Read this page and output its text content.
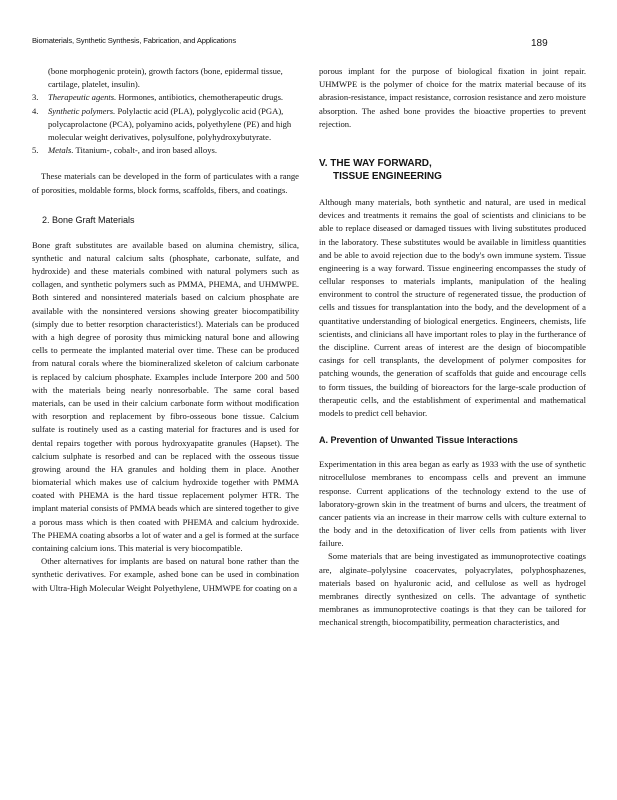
Biomaterials, Synthetic Synthesis, Fabrication, and Applications	189
(bone morphogenic protein), growth factors (bone, epidermal tissue, cartilage, platelet, insulin).
3. Therapeutic agents. Hormones, antibiotics, chemotherapeutic drugs.
4. Synthetic polymers. Polylactic acid (PLA), polyglycolic acid (PGA), polycaprolactone (PCA), polyamino acids, polyethylene (PE) and high molecular weight derivatives, polysulfone, polyhydroxybutyrate.
5. Metals. Titanium-, cobalt-, and iron based alloys.

These materials can be developed in the form of particulates with a range of porosities, moldable forms, block forms, scaffolds, fibers, and coatings.

2. Bone Graft Materials

Bone graft substitutes are available based on alumina chemistry, silica, synthetic and natural calcium salts (phosphate, carbonate, sulfate, and hydroxide) and these materials combined with natural polymers such as collagen, and synthetic polymers such as PMMA, PHEMA, and UHMWPE. Both sintered and nonsintered materials based on calcium phosphate are available with the nonsintered versions showing greater biocompatibility (simply due to better resorption characteristics!). Materials can be produced with a high degree of porosity thus mimicking natural bone and allowing cells to permeate the implanted material over time. These can be produced from natural corals where the biomineralized skeleton of calcium carbonate is replaced by calcium phosphate. Examples include Interpore 200 and 500 with the materials being nearly nonresorbable. The same coral based materials, can be used in their calcium carbonate form without modification with resorption and replacement by fibro-osseous bone tissue. Calcium sulfate is routinely used as a casting material for fractures and is used for dental repairs together with porous hydroxyapatite granules (Hapset). The calcium sulphate is resorbed and can be replaced with the osseous tissue growing around the HA granules and holding them in place. Another biomaterial which makes use of calcium hydroxide together with PMMA coated with PHEMA is the hard tissue replacement polymer HTR. The implant material consists of PMMA beads which are sintered together to give a porous mass which is then coated with PHEMA and calcium hydroxide. The PHEMA coating absorbs a lot of water and a gel is formed at the surface containing calcium ions. This material is very biocompatible.

Other alternatives for implants are based on natural bone rather than the synthetic derivatives. For example, ashed bone can be used in combination with Ultra-High Molecular Weight Polyethylene, UHMWPE for coating on a

porous implant for the purpose of biological fixation in joint repair. UHMWPE is the polymer of choice for the matrix material because of its abrasion-resistance, impact resistance, corrosion resistance and zero moisture absorption. The ashed bone provides the bioactive properties to prevent rejection.

V. THE WAY FORWARD,
TISSUE ENGINEERING

Although many materials, both synthetic and natural, are used in medical devices and treatments it remains the goal of scientists and clinicians to be able to replace diseased or damaged tissues with living substitutes produced in the laboratory. These substitutes would be available in limitless quantities and be able to avoid rejection due to the body's own immune system. Tissue engineering is a way forward. Tissue engineering encompasses the study of cellular responses to materials implants, manipulation of the healing environment to control the structure of regenerated tissue, the production of cells and tissues for transplantation into the body, and the development of a quantitative understanding of biological energetics. Engineers, chemists, life scientists, and clinicians all have important roles to play in the furtherance of the discipline. Current areas of interest are the design of biocompatible casings for cell transplants, the development of polymer composites for patching wounds, the generation of scaffolds that guide and encourage cells to form tissues, the building of bioreactors for the large-scale production of therapeutic cells, and the establishment of experimental and mathematical models to predict cell behavior.

A. Prevention of Unwanted Tissue Interactions

Experimentation in this area began as early as 1933 with the use of synthetic nitrocellulose membranes to encompass cells and prevent an immune response. Current applications of the technology extend to the use of laboratory-grown skin in the treatment of burns and ulcers, the treatment of cancer patients via an increase in their marrow cells with culture external to the body and in the detoxification of liver cells from patients with liver failure.

Some materials that are being investigated as immunoprotective coatings are, alginate–polylysine coacervates, polyacrylates, polyphosphazenes, materials based on hyaluronic acid, and cellulose as well as hydrogel membranes directly synthesized on cells. The advantage of synthetic membranes as immunoprotective coatings is that they can be tailored for mechanical strength, biocompatibility, permeation characteristics, and
